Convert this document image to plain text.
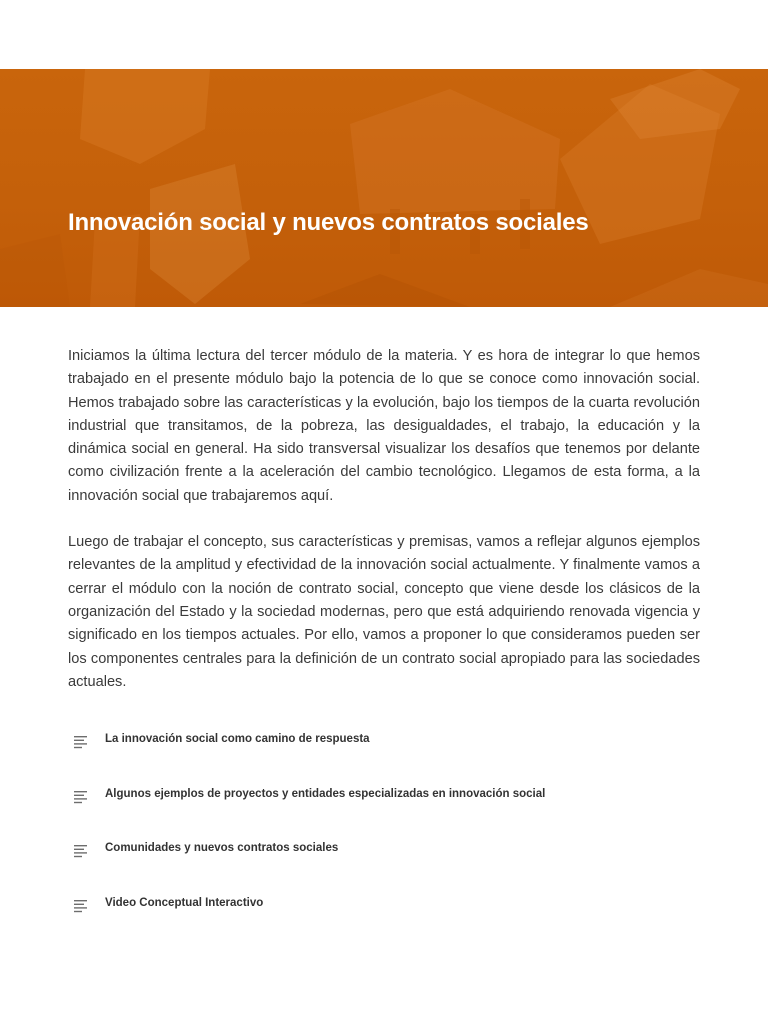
Innovación social y nuevos contratos sociales

Iniciamos la última lectura del tercer módulo de la materia. Y es hora de integrar lo que hemos trabajado en el presente módulo bajo la potencia de lo que se conoce como innovación social. Hemos trabajado sobre las características y la evolución, bajo los tiempos de la cuarta revolución industrial que transitamos, de la pobreza, las desigualdades, el trabajo, la educación y la dinámica social en general. Ha sido transversal visualizar los desafíos que tenemos por delante como civilización frente a la aceleración del cambio tecnológico. Llegamos de esta forma, a la innovación social que trabajaremos aquí.

Luego de trabajar el concepto, sus características y premisas, vamos a reflejar algunos ejemplos relevantes de la amplitud y efectividad de la innovación social actualmente. Y finalmente vamos a cerrar el módulo con la noción de contrato social, concepto que viene desde los clásicos de la organización del Estado y la sociedad modernas, pero que está adquiriendo renovada vigencia y significado en los tiempos actuales. Por ello, vamos a proponer lo que consideramos pueden ser los componentes centrales para la definición de un contrato social apropiado para las sociedades actuales.

La innovación social como camino de respuesta
Algunos ejemplos de proyectos y entidades especializadas en innovación social
Comunidades y nuevos contratos sociales
Video Conceptual Interactivo
